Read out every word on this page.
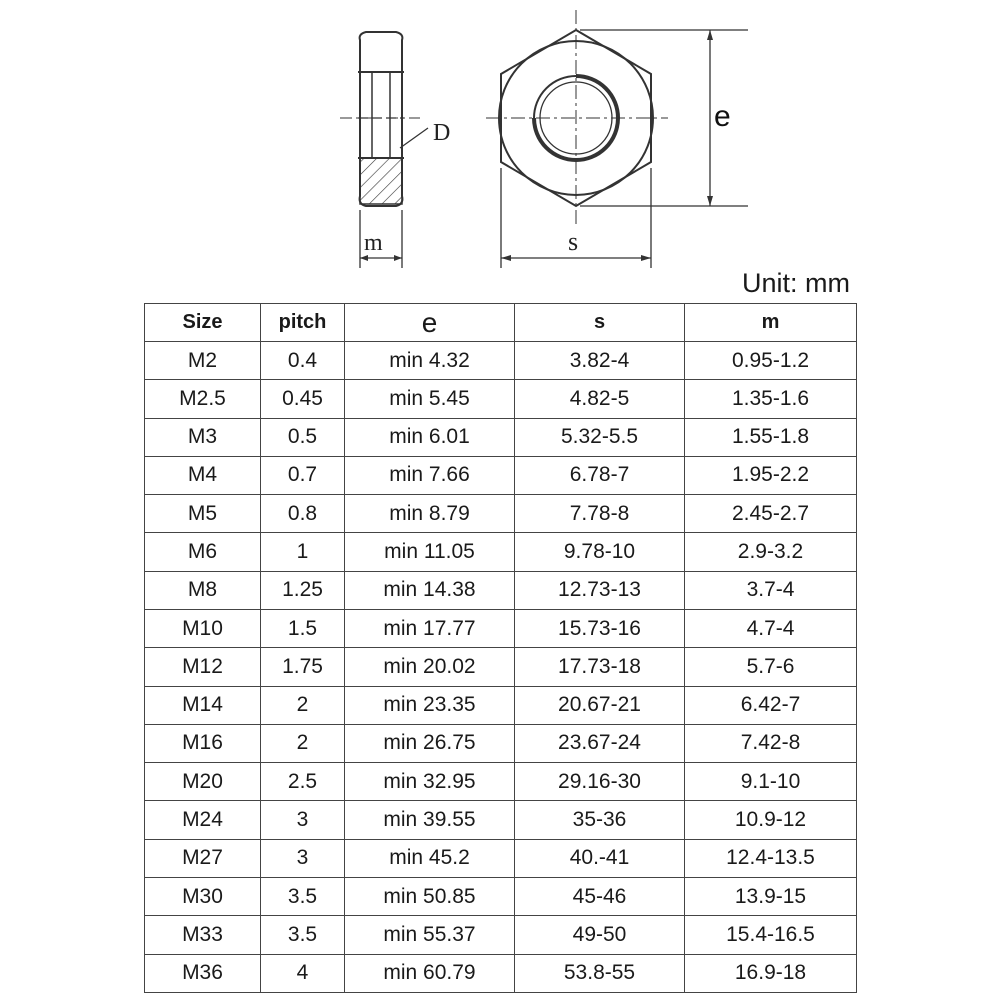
D
m	s
e
Unit: mm
Size	pitch	e	s	m
M2	0.4	min 4.32	3.82-4	0.95-1.2
M2.5	0.45	min 5.45	4.82-5	1.35-1.6
M3	0.5	min 6.01	5.32-5.5	1.55-1.8
M4	0.7	min 7.66	6.78-7	1.95-2.2
M5	0.8	min 8.79	7.78-8	2.45-2.7
M6	1	min 11.05	9.78-10	2.9-3.2
M8	1.25	min 14.38	12.73-13	3.7-4
M10	1.5	min 17.77	15.73-16	4.7-4
M12	1.75	min 20.02	17.73-18	5.7-6
M14	2	min 23.35	20.67-21	6.42-7
M16	2	min 26.75	23.67-24	7.42-8
M20	2.5	min 32.95	29.16-30	9.1-10
M24	3	min 39.55	35-36	10.9-12
M27	3	min 45.2	40.-41	12.4-13.5
M30	3.5	min 50.85	45-46	13.9-15
M33	3.5	min 55.37	49-50	15.4-16.5
M36	4	min 60.79	53.8-55	16.9-18
